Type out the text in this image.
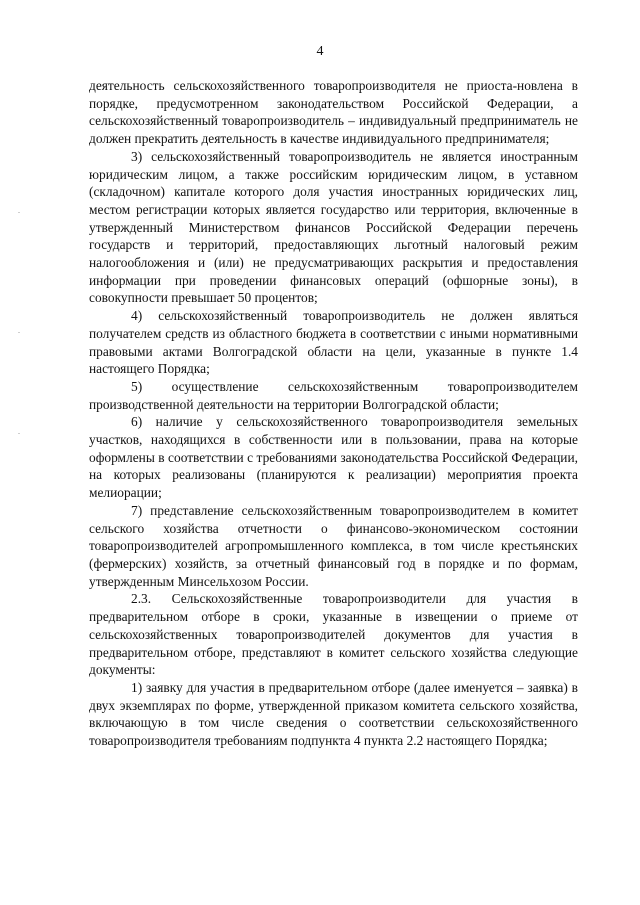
4

деятельность сельскохозяйственного товаропроизводителя не приоста-новлена в порядке, предусмотренном законодательством Российской Федерации, а сельскохозяйственный товаропроизводитель – индивидуальный предприниматель не должен прекратить деятельность в качестве индивидуального предпринимателя;

3) сельскохозяйственный товаропроизводитель не является иностранным юридическим лицом, а также российским юридическим лицом, в уставном (складочном) капитале которого доля участия иностранных юридических лиц, местом регистрации которых является государство или территория, включенные в утвержденный Министерством финансов Российской Федерации перечень государств и территорий, предоставляющих льготный налоговый режим налогообложения и (или) не предусматривающих раскрытия и предоставления информации при проведении финансовых операций (офшорные зоны), в совокупности превышает 50 процентов;

4) сельскохозяйственный товаропроизводитель не должен являться получателем средств из областного бюджета в соответствии с иными нормативными правовыми актами Волгоградской области на цели, указанные в пункте 1.4 настоящего Порядка;

5) осуществление сельскохозяйственным товаропроизводителем производственной деятельности на территории Волгоградской области;

6) наличие у сельскохозяйственного товаропроизводителя земельных участков, находящихся в собственности или в пользовании, права на которые оформлены в соответствии с требованиями законодательства Российской Федерации, на которых реализованы (планируются к реализации) мероприятия проекта мелиорации;

7) представление сельскохозяйственным товаропроизводителем в комитет сельского хозяйства отчетности о финансово-экономическом состоянии товаропроизводителей агропромышленного комплекса, в том числе крестьянских (фермерских) хозяйств, за отчетный финансовый год в порядке и по формам, утвержденным Минсельхозом России.

2.3. Сельскохозяйственные товаропроизводители для участия в предварительном отборе в сроки, указанные в извещении о приеме от сельскохозяйственных товаропроизводителей документов для участия в предварительном отборе, представляют в комитет сельского хозяйства следующие документы:

1) заявку для участия в предварительном отборе (далее именуется – заявка) в двух экземплярах по форме, утвержденной приказом комитета сельского хозяйства, включающую в том числе сведения о соответствии сельскохозяйственного товаропроизводителя требованиям подпункта 4 пункта 2.2 настоящего Порядка;
